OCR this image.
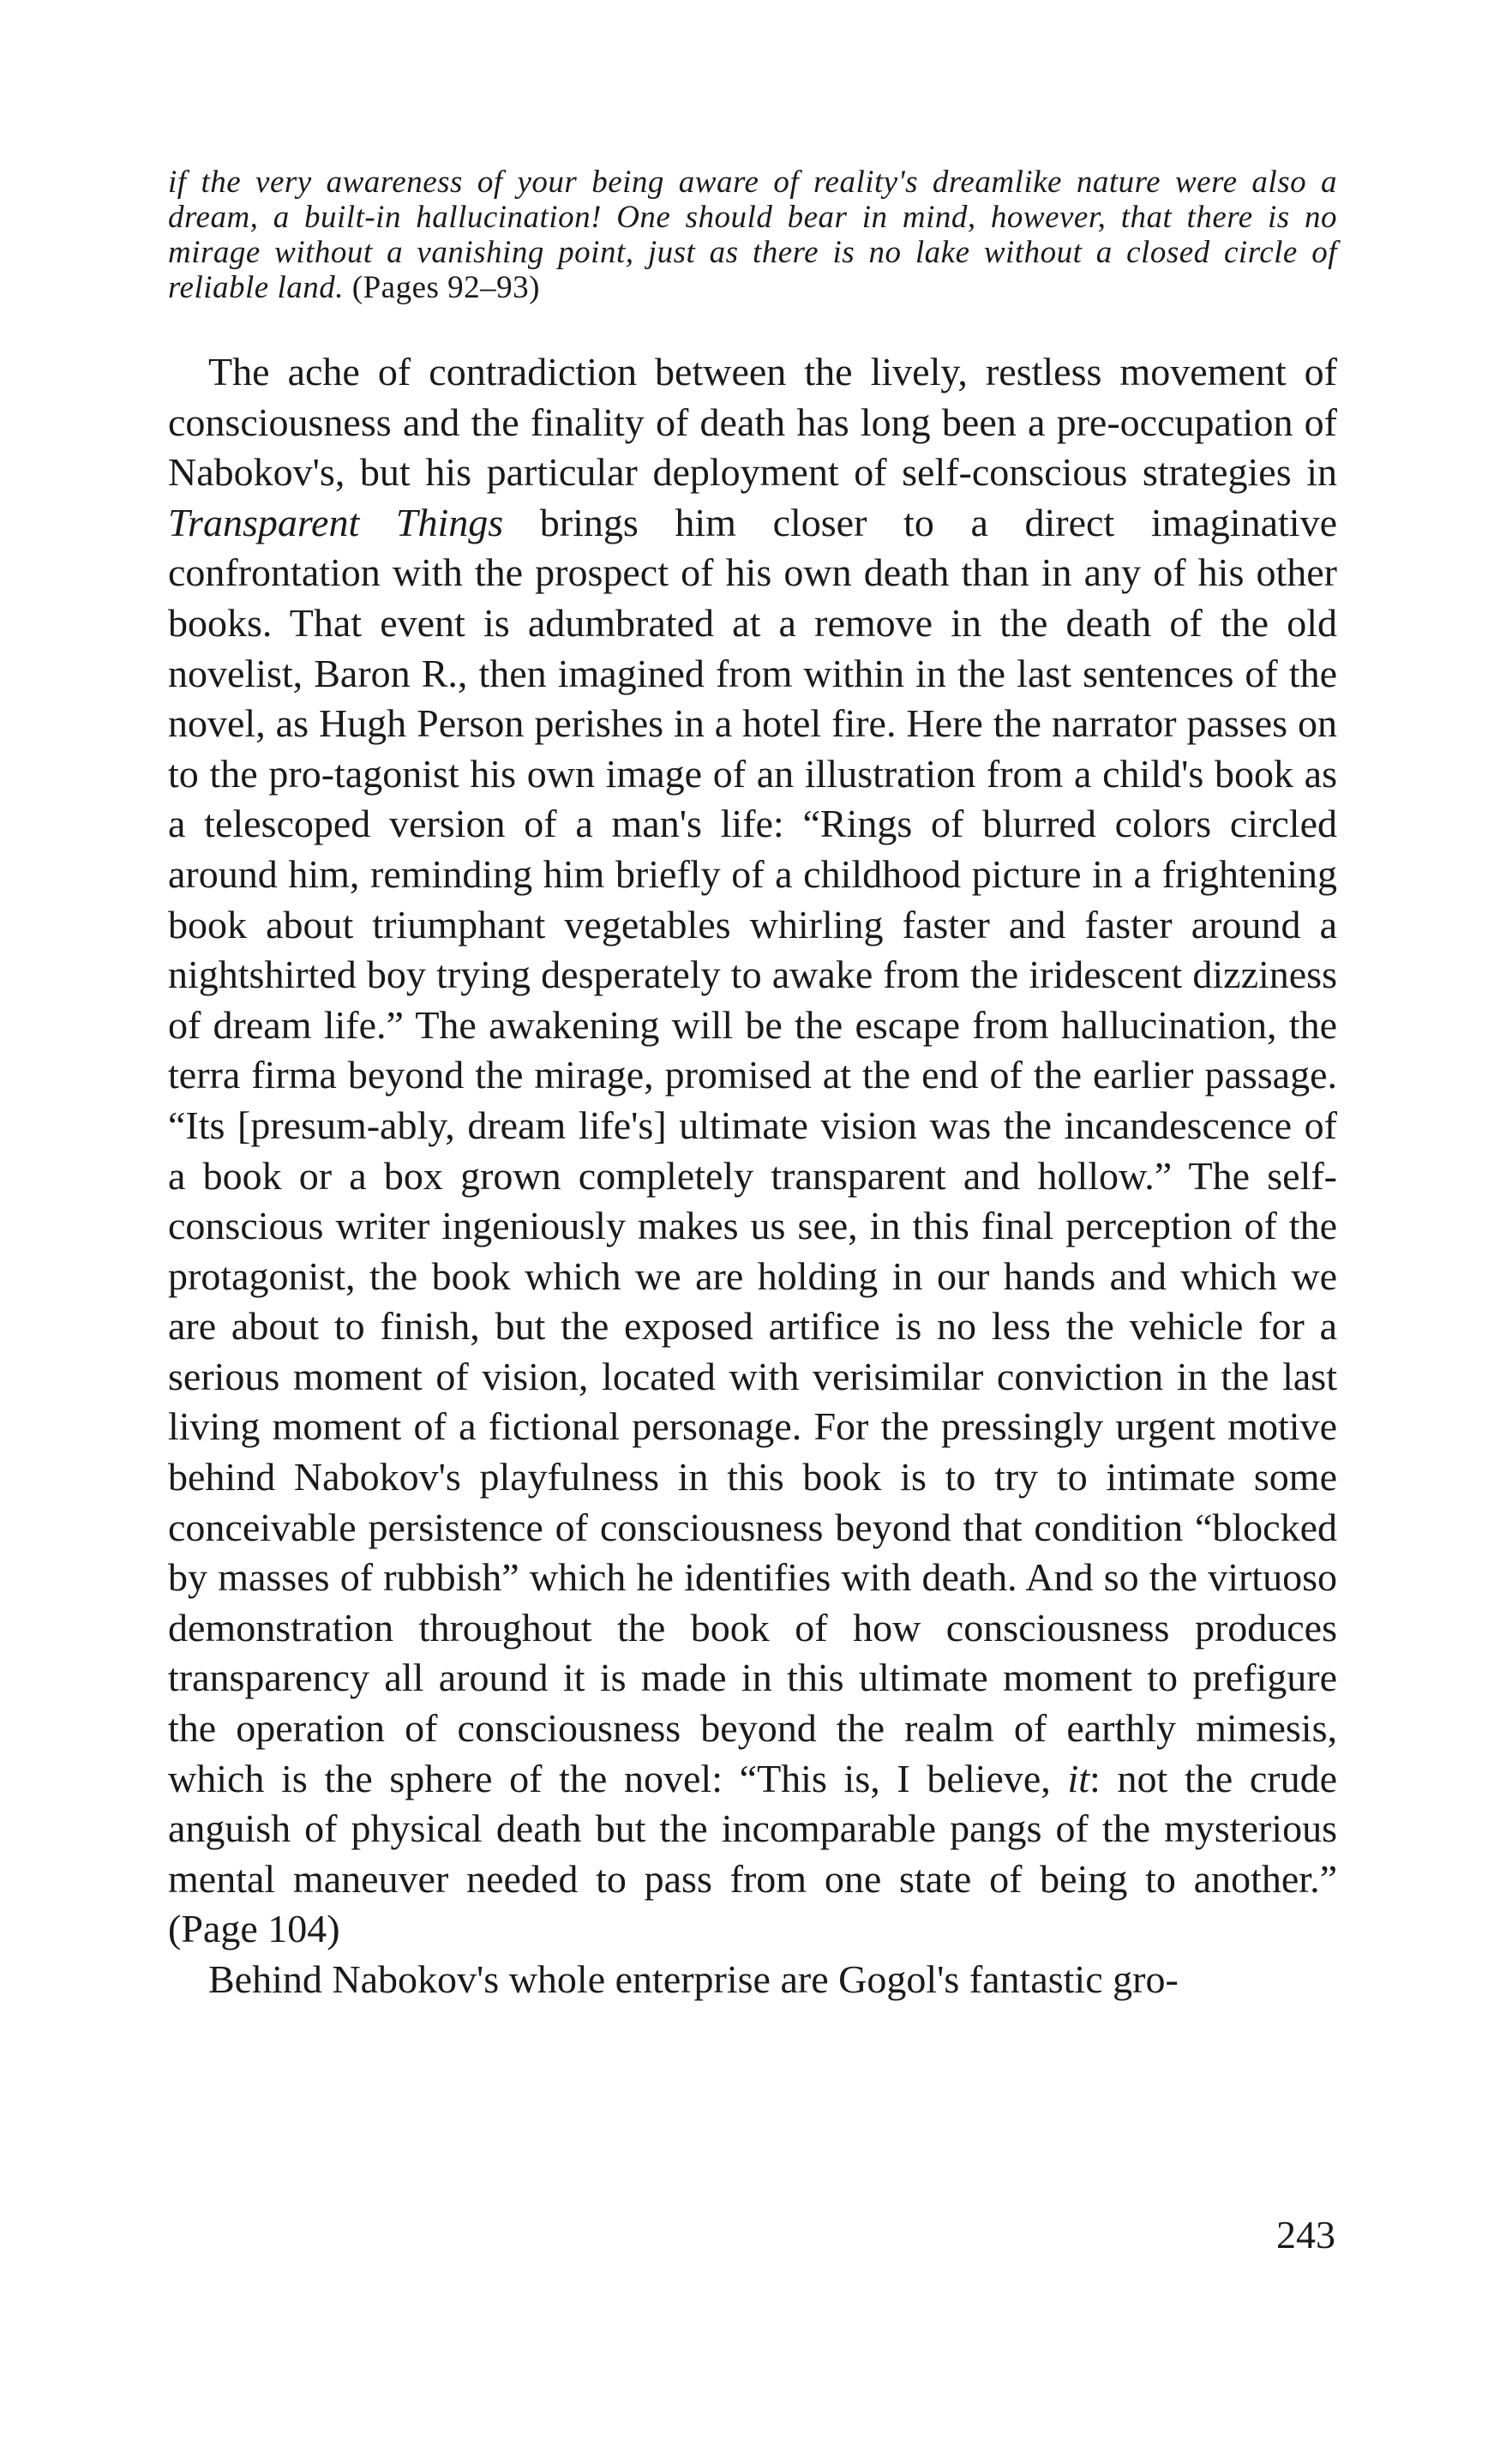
if the very awareness of your being aware of reality's dreamlike nature were also a dream, a built-in hallucination! One should bear in mind, however, that there is no mirage without a vanishing point, just as there is no lake without a closed circle of reliable land. (Pages 92–93)

The ache of contradiction between the lively, restless movement of consciousness and the finality of death has long been a pre-occupation of Nabokov's, but his particular deployment of self-conscious strategies in Transparent Things brings him closer to a direct imaginative confrontation with the prospect of his own death than in any of his other books. That event is adumbrated at a remove in the death of the old novelist, Baron R., then imagined from within in the last sentences of the novel, as Hugh Person perishes in a hotel fire. Here the narrator passes on to the pro-tagonist his own image of an illustration from a child's book as a telescoped version of a man's life: “Rings of blurred colors circled around him, reminding him briefly of a childhood picture in a frightening book about triumphant vegetables whirling faster and faster around a nightshirted boy trying desperately to awake from the iridescent dizziness of dream life.” The awakening will be the escape from hallucination, the terra firma beyond the mirage, promised at the end of the earlier passage. “Its [presum-ably, dream life's] ultimate vision was the incandescence of a book or a box grown completely transparent and hollow.” The self-conscious writer ingeniously makes us see, in this final perception of the protagonist, the book which we are holding in our hands and which we are about to finish, but the exposed artifice is no less the vehicle for a serious moment of vision, located with verisimilar conviction in the last living moment of a fictional personage. For the pressingly urgent motive behind Nabokov's playfulness in this book is to try to intimate some conceivable persistence of consciousness beyond that condition “blocked by masses of rubbish” which he identifies with death. And so the virtuoso demonstration throughout the book of how consciousness produces transparency all around it is made in this ultimate moment to prefigure the operation of consciousness beyond the realm of earthly mimesis, which is the sphere of the novel: “This is, I believe, it: not the crude anguish of physical death but the incomparable pangs of the mysterious mental maneuver needed to pass from one state of being to another.” (Page 104)

Behind Nabokov's whole enterprise are Gogol's fantastic gro-

243
